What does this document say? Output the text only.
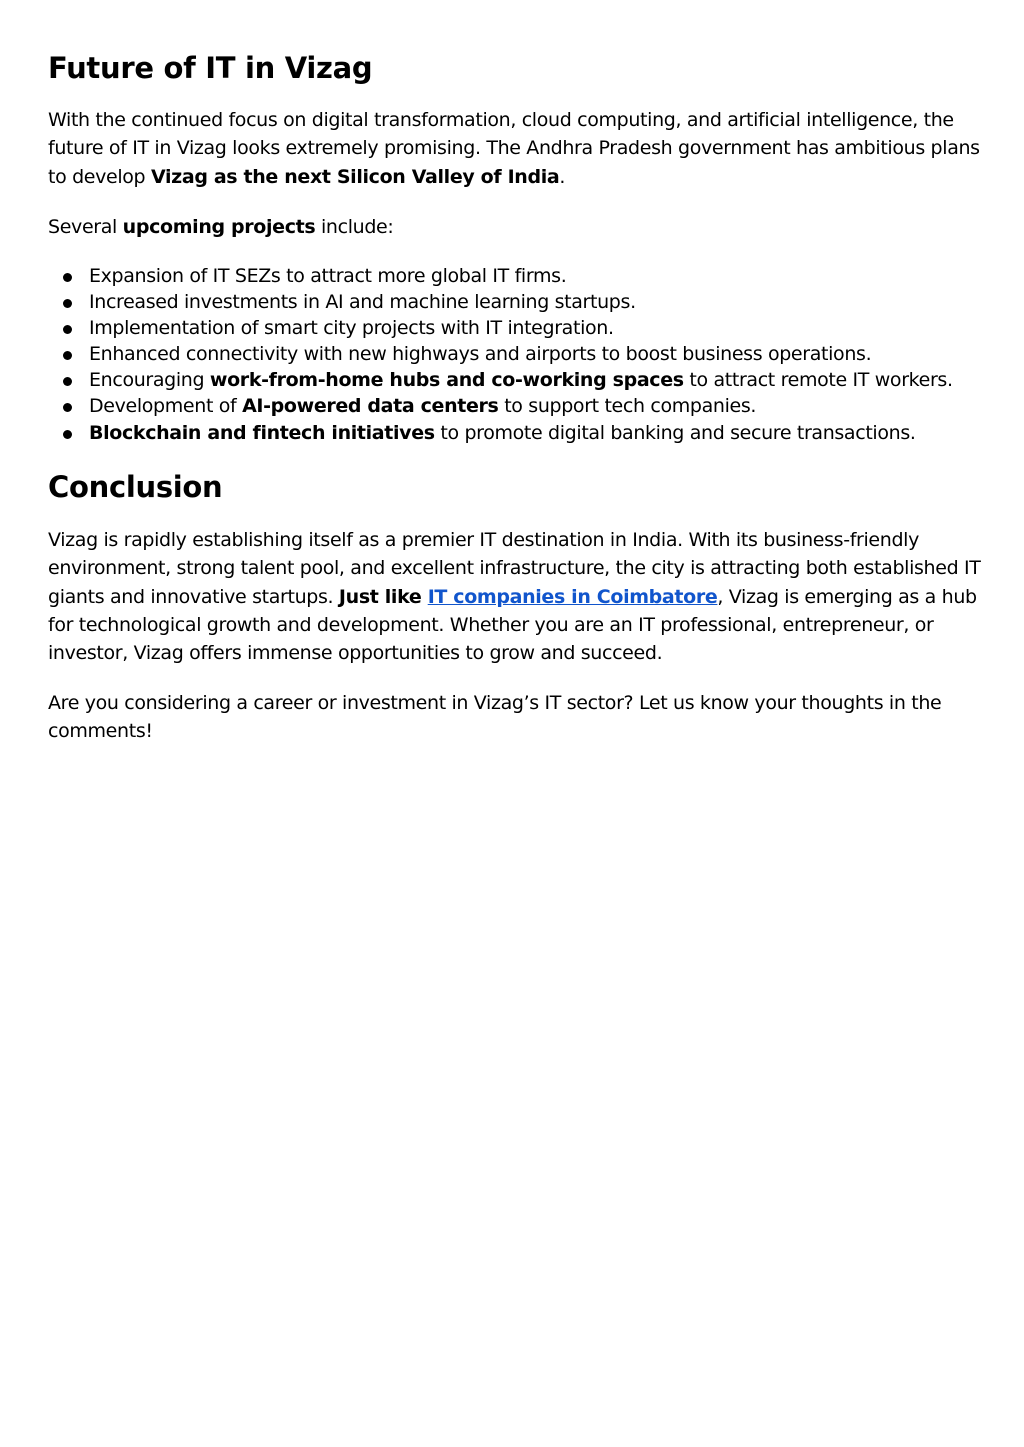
Future of IT in Vizag

With the continued focus on digital transformation, cloud computing, and artificial intelligence, the future of IT in Vizag looks extremely promising. The Andhra Pradesh government has ambitious plans to develop Vizag as the next Silicon Valley of India.

Several upcoming projects include:

Expansion of IT SEZs to attract more global IT firms.
Increased investments in AI and machine learning startups.
Implementation of smart city projects with IT integration.
Enhanced connectivity with new highways and airports to boost business operations.
Encouraging work-from-home hubs and co-working spaces to attract remote IT workers.
Development of AI-powered data centers to support tech companies.
Blockchain and fintech initiatives to promote digital banking and secure transactions.
Conclusion

Vizag is rapidly establishing itself as a premier IT destination in India. With its business-friendly environment, strong talent pool, and excellent infrastructure, the city is attracting both established IT giants and innovative startups. Just like IT companies in Coimbatore, Vizag is emerging as a hub for technological growth and development. Whether you are an IT professional, entrepreneur, or investor, Vizag offers immense opportunities to grow and succeed.

Are you considering a career or investment in Vizag’s IT sector? Let us know your thoughts in the comments!
